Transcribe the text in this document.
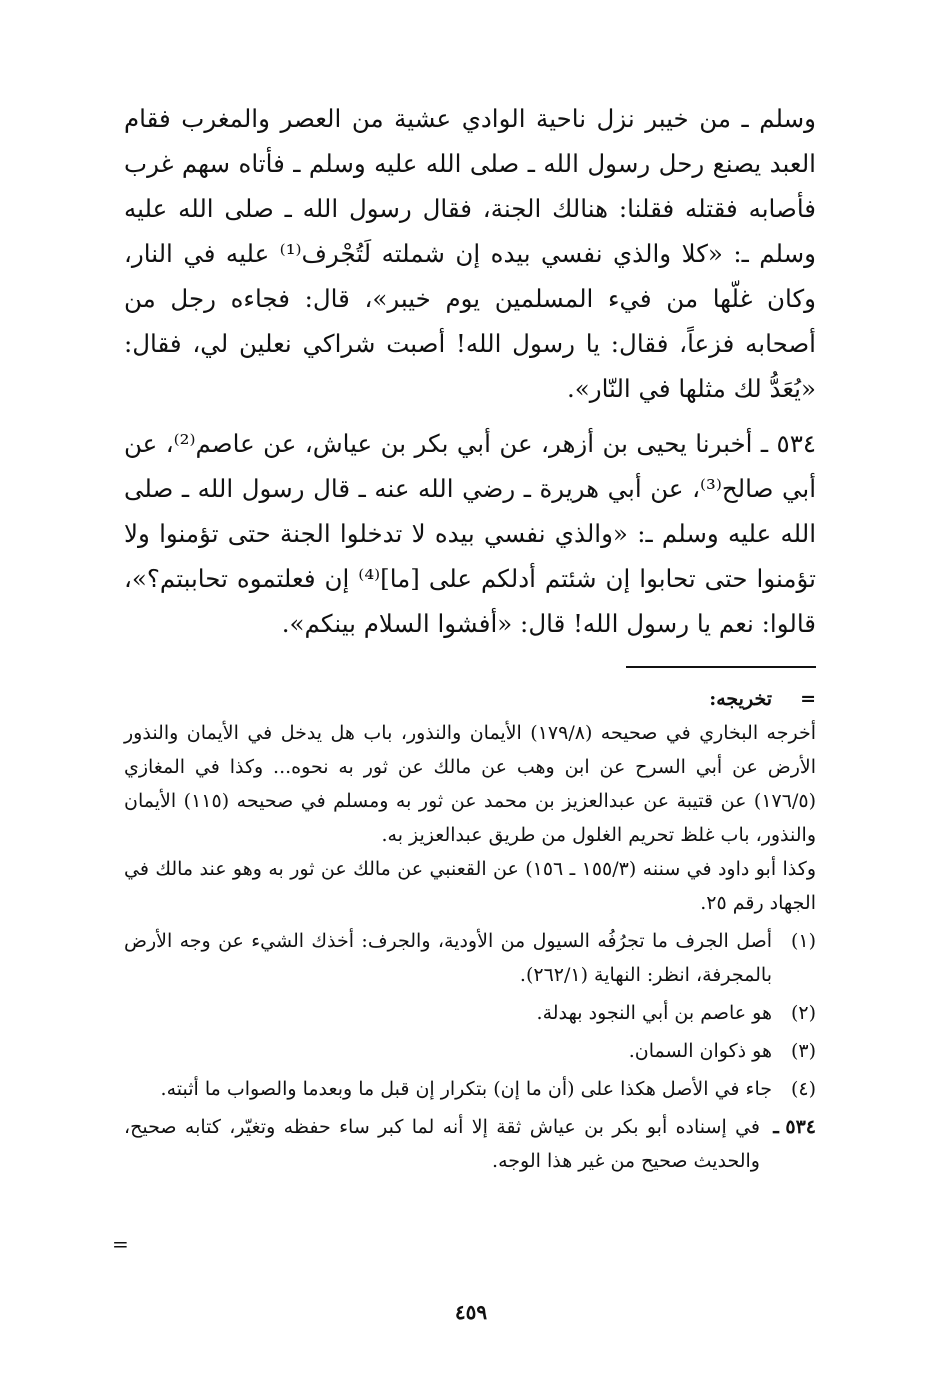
وسلم ـ من خيبر نزل ناحية الوادي عشية من العصر والمغرب فقام العبد يصنع رحل رسول الله ـ صلى الله عليه وسلم ـ فأتاه سهم غرب فأصابه فقتله فقلنا: هنالك الجنة، فقال رسول الله ـ صلى الله عليه وسلم ـ: «كلا والذي نفسي بيده إن شملته لَتُجْرف⁽¹⁾ عليه في النار، وكان غلّها من فيء المسلمين يوم خيبر»، قال: فجاءه رجل من أصحابه فزعاً، فقال: يا رسول الله! أصبت شراكي نعلين لي، فقال: «يُعَدُّ لك مثلها في النّار».

٥٣٤ ـ أخبرنا يحيى بن أزهر، عن أبي بكر بن عياش، عن عاصم⁽²⁾، عن أبي صالح⁽³⁾، عن أبي هريرة ـ رضي الله عنه ـ قال رسول الله ـ صلى الله عليه وسلم ـ: «والذي نفسي بيده لا تدخلوا الجنة حتى تؤمنوا ولا تؤمنوا حتى تحابوا إن شئتم أدلكم على [ما]⁽⁴⁾ إن فعلتموه تحاببتم؟»، قالوا: نعم يا رسول الله! قال: «أفشوا السلام بينكم».

=
تخريجه:
أخرجه البخاري في صحيحه (١٧٩/٨) الأيمان والنذور، باب هل يدخل في الأيمان والنذور الأرض عن أبي السرح عن ابن وهب عن مالك عن ثور به نحوه... وكذا في المغازي (١٧٦/٥) عن قتيبة عن عبدالعزيز بن محمد عن ثور به ومسلم في صحيحه (١١٥) الأيمان والنذور، باب غلظ تحريم الغلول من طريق عبدالعزيز به.
وكذا أبو داود في سننه (١٥٥/٣ ـ ١٥٦) عن القعنبي عن مالك عن ثور به وهو عند مالك في الجهاد رقم ٢٥.
(١)
أصل الجرف ما تجرُفُه السيول من الأودية، والجرف: أخذك الشيء عن وجه الأرض بالمجرفة، انظر: النهاية (٢٦٢/١).
(٢)
هو عاصم بن أبي النجود بهدلة.
(٣)
هو ذكوان السمان.
(٤)
جاء في الأصل هكذا على (أن ما إن) بتكرار إن قبل ما وبعدما والصواب ما أثبته.
٥٣٤ ـ
في إسناده أبو بكر بن عياش ثقة إلا أنه لما كبر ساء حفظه وتغيّر، كتابه صحيح، والحديث صحيح من غير هذا الوجه.
=
٤٥٩
